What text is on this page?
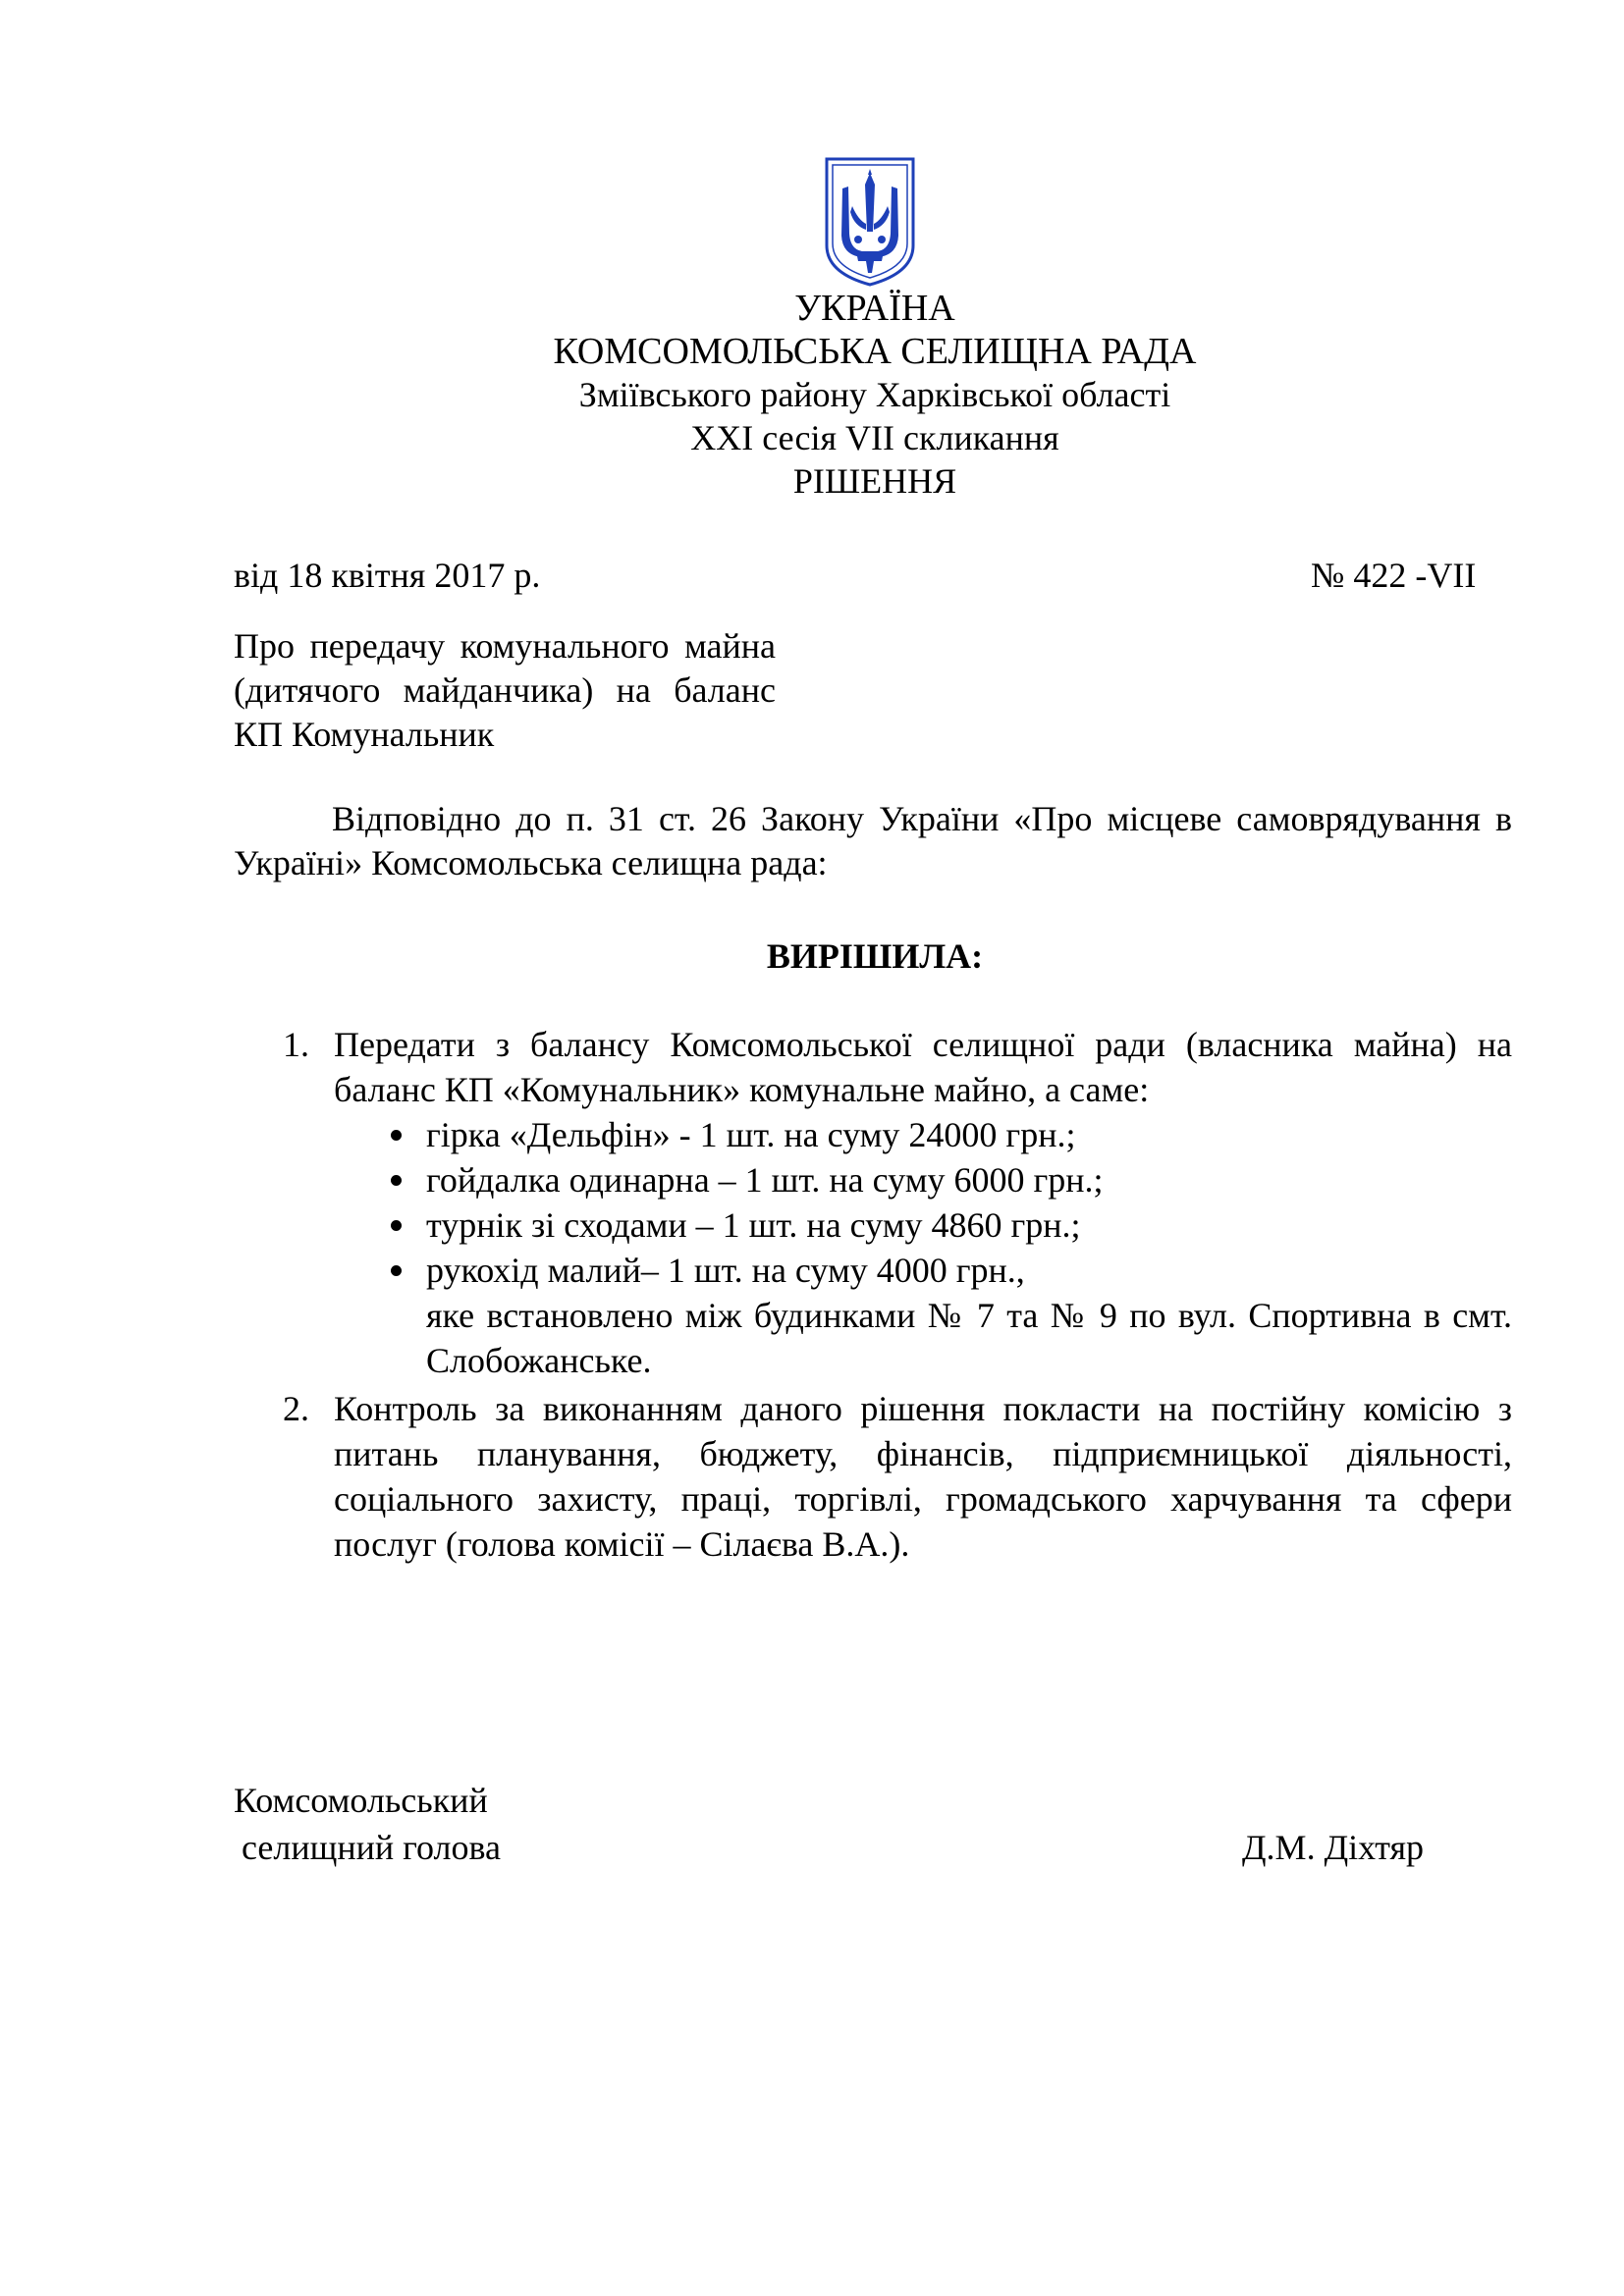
УКРАЇНА
КОМСОМОЛЬСЬКА СЕЛИЩНА РАДА
Зміївського району Харківської області
XXI сесія VII скликання
РІШЕННЯ
від 18 квітня 2017 р.	№ 422 -VII
Про передачу комунального майна (дитячого майданчика) на баланс КП Комунальник
Відповідно до п. 31 ст. 26 Закону України «Про місцеве самоврядування в Україні» Комсомольська селищна рада:
ВИРІШИЛА:
1. Передати з балансу Комсомольської селищної ради (власника майна) на баланс КП «Комунальник» комунальне майно, а саме:
гірка «Дельфін» - 1 шт. на суму 24000 грн.;
гойдалка одинарна – 1 шт. на суму 6000 грн.;
турнік зі сходами – 1 шт. на суму 4860 грн.;
рукохід малий– 1 шт. на суму 4000 грн.,
яке встановлено між будинками № 7 та № 9 по вул. Спортивна в смт. Слобожанське.
2. Контроль за виконанням даного рішення покласти на постійну комісію з питань планування, бюджету, фінансів, підприємницької діяльності, соціального захисту, праці, торгівлі, громадського харчування та сфери послуг (голова комісії – Сілаєва В.А.).
Комсомольський
селищний голова	Д.М. Діхтяр
